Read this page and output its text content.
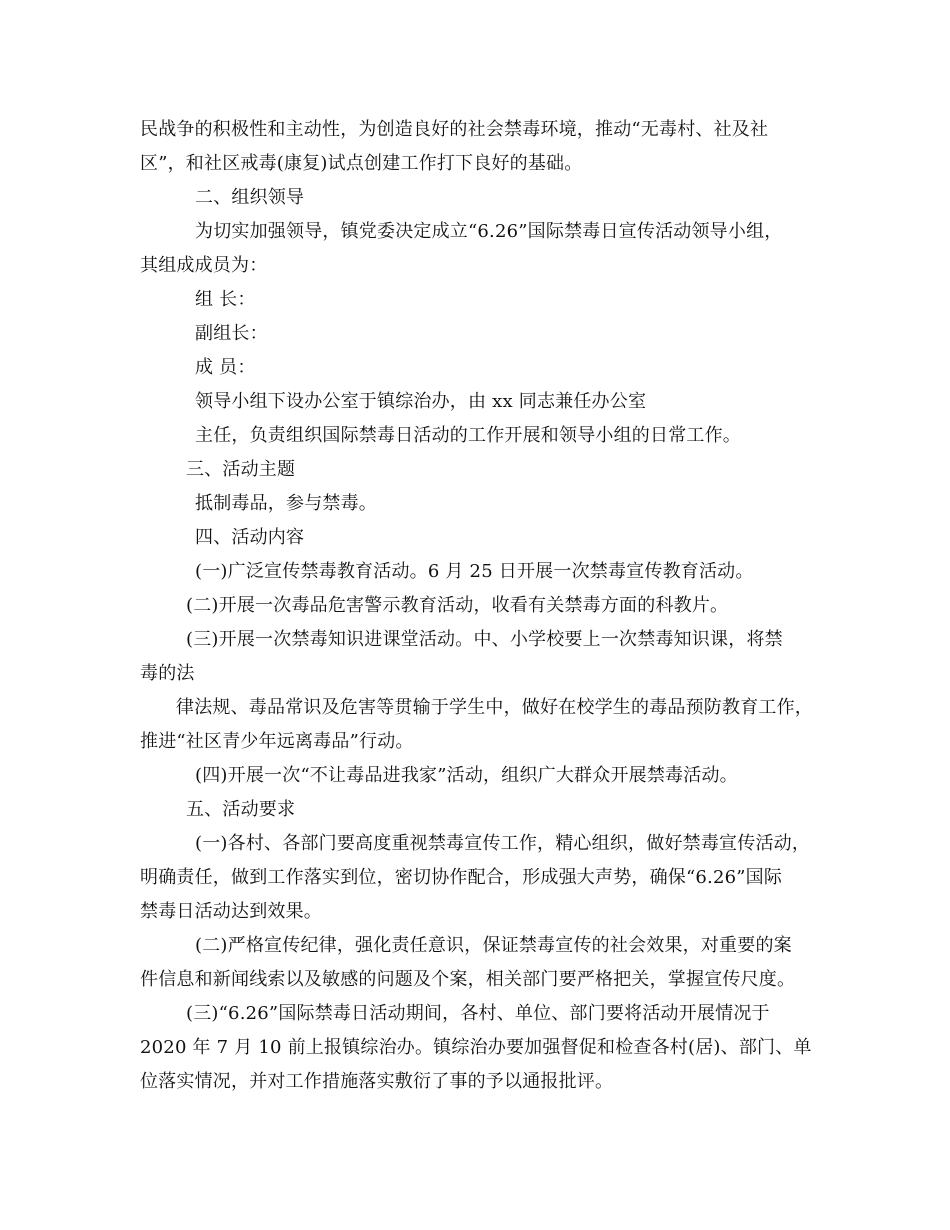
民战争的积极性和主动性，为创造良好的社会禁毒环境，推动“无毒村、社及社
区”，和社区戒毒(康复)试点创建工作打下良好的基础。
二、组织领导
为切实加强领导，镇党委决定成立“6.26”国际禁毒日宣传活动领导小组，
其组成成员为：
组 长：
副组长：
成 员：
领导小组下设办公室于镇综治办，由 xx 同志兼任办公室
主任，负责组织国际禁毒日活动的工作开展和领导小组的日常工作。
三、活动主题
抵制毒品，参与禁毒。
四、活动内容
(一)广泛宣传禁毒教育活动。6 月 25 日开展一次禁毒宣传教育活动。
(二)开展一次毒品危害警示教育活动，收看有关禁毒方面的科教片。
(三)开展一次禁毒知识进课堂活动。中、小学校要上一次禁毒知识课，将禁
毒的法
律法规、毒品常识及危害等贯输于学生中，做好在校学生的毒品预防教育工作，
推进“社区青少年远离毒品”行动。
(四)开展一次“不让毒品进我家”活动，组织广大群众开展禁毒活动。
五、活动要求
(一)各村、各部门要高度重视禁毒宣传工作，精心组织，做好禁毒宣传活动，
明确责任，做到工作落实到位，密切协作配合，形成强大声势，确保“6.26”国际
禁毒日活动达到效果。
(二)严格宣传纪律，强化责任意识，保证禁毒宣传的社会效果，对重要的案
件信息和新闻线索以及敏感的问题及个案，相关部门要严格把关，掌握宣传尺度。
(三)“6.26”国际禁毒日活动期间，各村、单位、部门要将活动开展情况于
2020 年 7 月 10 前上报镇综治办。镇综治办要加强督促和检查各村(居)、部门、单
位落实情况，并对工作措施落实敷衍了事的予以通报批评。
